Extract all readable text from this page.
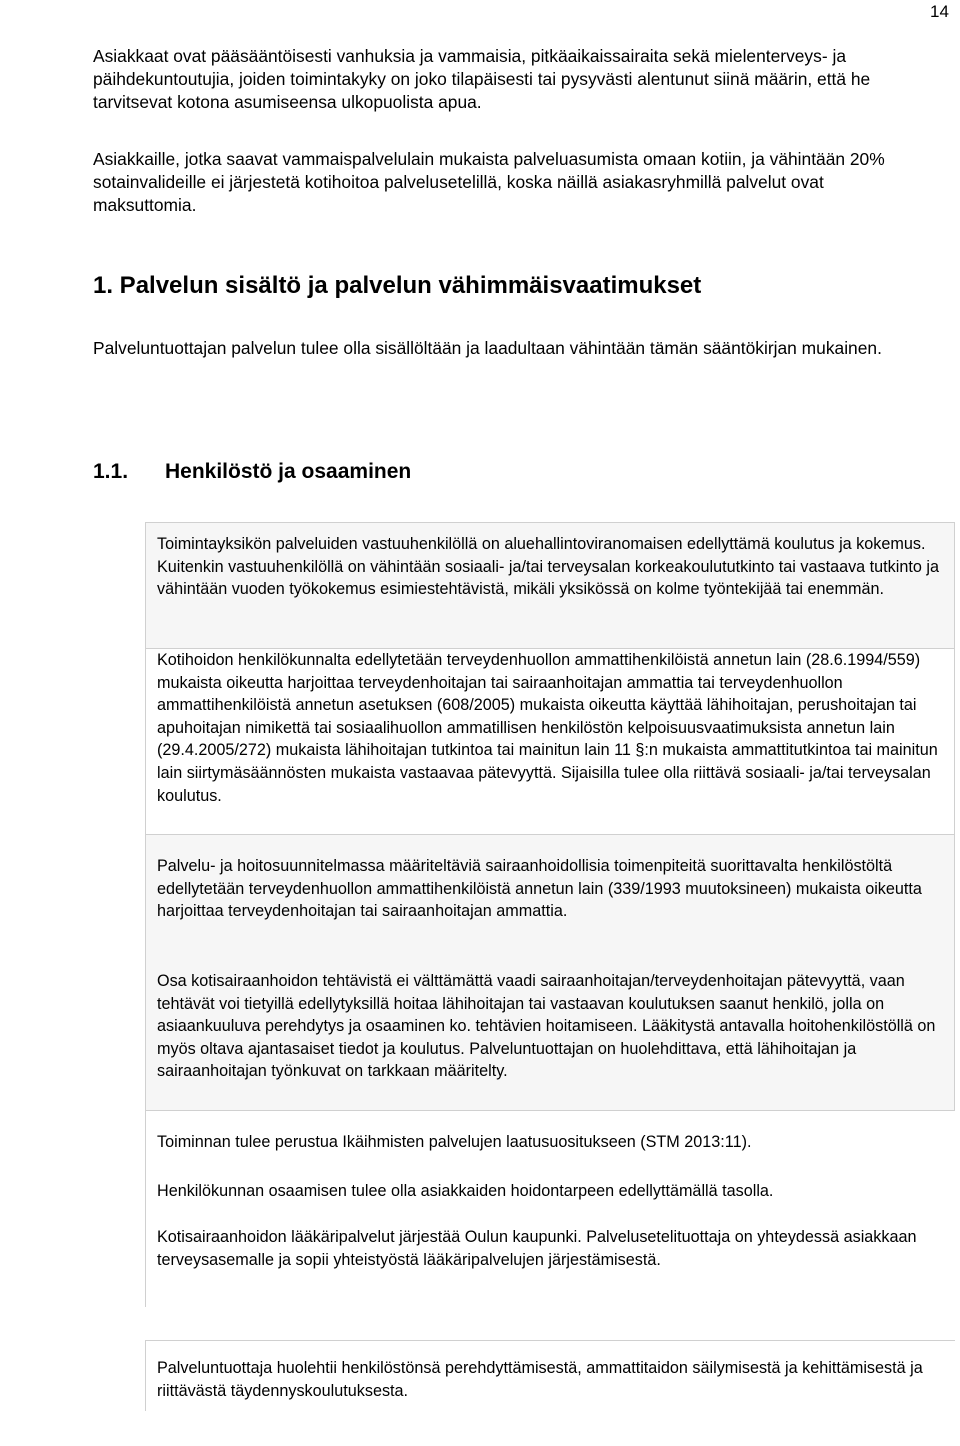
14

Asiakkaat ovat pääsääntöisesti vanhuksia ja vammaisia, pitkäaikaissairaita sekä mielenterveys- ja päihdekuntoutujia, joiden toimintakyky on joko tilapäisesti tai pysyvästi alentunut siinä määrin, että he tarvitsevat kotona asumiseensa ulkopuolista apua.

Asiakkaille, jotka saavat vammaispalvelulain mukaista palveluasumista omaan kotiin, ja vähintään 20% sotainvalideille ei järjestetä kotihoitoa palvelusetelillä, koska näillä asiakasryhmillä palvelut ovat maksuttomia.

1. Palvelun sisältö ja palvelun vähimmäisvaatimukset

Palveluntuottajan palvelun tulee olla sisällöltään ja laadultaan vähintään tämän sääntökirjan mukainen.

1.1. Henkilöstö ja osaaminen

Toimintayksikön palveluiden vastuuhenkilöllä on aluehallintoviranomaisen edellyttämä koulutus ja kokemus. Kuitenkin vastuuhenkilöllä on vähintään sosiaali- ja/tai terveysalan korkeakoulututkinto tai vastaava tutkinto ja vähintään vuoden työkokemus esimiestehtävistä, mikäli yksikössä on kolme työntekijää tai enemmän.

Kotihoidon henkilökunnalta edellytetään terveydenhuollon ammattihenkilöistä annetun lain (28.6.1994/559) mukaista oikeutta harjoittaa terveydenhoitajan tai sairaanhoitajan ammattia tai terveydenhuollon ammattihenkilöistä annetun asetuksen (608/2005) mukaista oikeutta käyttää lähihoitajan, perushoitajan tai apuhoitajan nimikettä tai sosiaalihuollon ammatillisen henkilöstön kelpoisuusvaatimuksista annetun lain (29.4.2005/272) mukaista lähihoitajan tutkintoa tai mainitun lain 11 §:n mukaista ammattitutkintoa tai mainitun lain siirtymäsäännösten mukaista vastaavaa pätevyyttä. Sijaisilla tulee olla riittävä sosiaali- ja/tai terveysalan koulutus.

Palvelu- ja hoitosuunnitelmassa määriteltäviä sairaanhoidollisia toimenpiteitä suorittavalta henkilöstöltä edellytetään terveydenhuollon ammattihenkilöistä annetun lain (339/1993 muutoksineen) mukaista oikeutta harjoittaa terveydenhoitajan tai sairaanhoitajan ammattia.

Osa kotisairaanhoidon tehtävistä ei välttämättä vaadi sairaanhoitajan/terveydenhoitajan pätevyyttä, vaan tehtävät voi tietyillä edellytyksillä hoitaa lähihoitajan tai vastaavan koulutuksen saanut henkilö, jolla on asiaankuuluva perehdytys ja osaaminen ko. tehtävien hoitamiseen. Lääkitystä antavalla hoitohenkilöstöllä on myös oltava ajantasaiset tiedot ja koulutus. Palveluntuottajan on huolehdittava, että lähihoitajan ja sairaanhoitajan työnkuvat on tarkkaan määritelty.

Toiminnan tulee perustua Ikäihmisten palvelujen laatusuositukseen (STM 2013:11).

Henkilökunnan osaamisen tulee olla asiakkaiden hoidontarpeen edellyttämällä tasolla.

Kotisairaanhoidon lääkäripalvelut järjestää Oulun kaupunki. Palvelusetelituottaja on yhteydessä asiakkaan terveysasemalle ja sopii yhteistyöstä lääkäripalvelujen järjestämisestä.

Palveluntuottaja huolehtii henkilöstönsä perehdyttämisestä, ammattitaidon säilymisestä ja kehittämisestä ja riittävästä täydennyskoulutuksesta.
